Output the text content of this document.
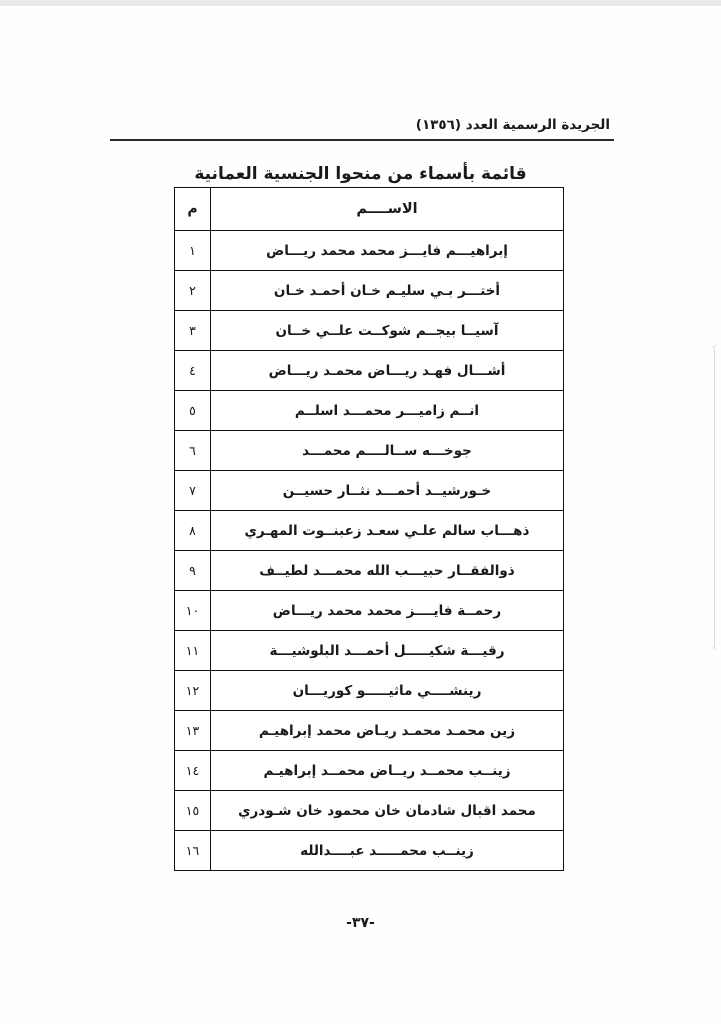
الجريدة الرسمية العدد (١٣٥٦)
قائمة بأسماء من منحوا الجنسية العمانية
الاســــم	م
إبراهيـــم فايـــز محمد محمد ريـــاض	١
أختـــر بـي سليـم خـان أحمـد خـان	٢
آسيــا بيجــم شوكــت علــي خــان	٣
أشـــال فهـد ريـــاض محمـد ريـــاض	٤
انــم زاميـــر محمـــد اسلــم	٥
جوخـــه ســالــــم محمـــد	٦
خـورشيــد أحمـــد نثــار حسيــن	٧
ذهـــاب سالم علـي سعـد زعبنــوت المهـري	٨
ذوالفقــار حبيـــب الله محمـــد لطيــف	٩
رحمــة فايــــز محمد محمد ريـــاض	١٠
رقيـــة شكيـــــل أحمـــد البلوشيـــة	١١
رينشــــي ماثيـــــو كوريـــان	١٢
زين محمـد محمـد ريـاض محمد إبراهيـم	١٣
زينــب محمــد ريــاض محمــد إبراهيـم	١٤
محمد اقبال شادمان خان محمود خان شـودري	١٥
زينــب محمـــــد عبــــدالله	١٦
-٣٧-
